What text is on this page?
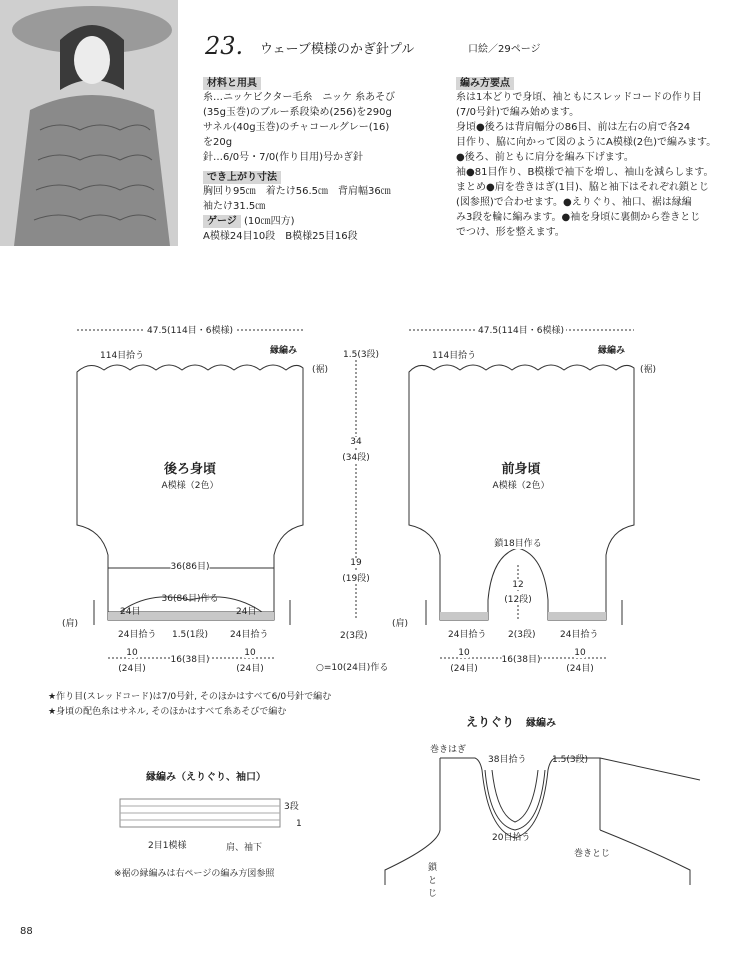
23. ウェーブ模様のかぎ針プル	口絵／29ページ
材料と用具
糸…ニッケビクター毛糸　ニッケ 糸あそび
(35g玉巻)のブルー系段染め(256)を290g
サネル(40g玉巻)のチャコールグレー(16)
を20g
針…6/0号・7/0(作り目用)号かぎ針
でき上がり寸法
胸回り95㎝　着たけ56.5㎝　背肩幅36㎝
袖たけ31.5㎝
ゲージ (10㎝四方)
A模様24目10段　B模様25目16段
編み方要点
糸は1本どりで身頃、袖ともにスレッドコードの作り目
(7/0号針)で編み始めます。
身頃●後ろは背肩幅分の86目、前は左右の肩で各24
目作り、脇に向かって図のようにA模様(2色)で編みます。
●後ろ、前ともに肩分を編み下げます。
袖●81目作り、B模様で袖下を増し、袖山を減らします。
まとめ●肩を巻きはぎ(1目)、脇と袖下はそれぞれ鎖とじ
(図参照)で合わせます。●えりぐり、袖口、裾は縁編
み3段を輪に編みます。●袖を身頃に裏側から巻きとじ
でつけ、形を整えます。
47.5(114目・6模様)	47.5(114目・6模様)
114目拾う	114目拾う
縁編み	縁編み
(裾)	(裾)
後ろ身頃
A模様（2色）
前身頃
A模様（2色）
1.5(3段)
34
(34段)
19
(19段)
2(3段)
36(86目)
36(86目)作る
24目	24目
24目拾う 1.5(1段) 24目拾う
(肩)	(肩)
鎖18目作る
12
(12段)
24目拾う 2(3段)	24目拾う
10
(24目)
16(38目)
10
(24目)
10
(24目)
16(38目)
10
(24目)
○=10(24目)作る
★作り目(スレッドコード)は7/0号針, そのほかはすべて6/0号針で編む
★身頃の配色糸はサネル, そのほかはすべて糸あそびで編む
縁編み（えりぐり、袖口）
3段
1
2目1模様	肩、袖下
※裾の縁編みは右ページの編み方図参照
えりぐり　 縁編み
巻きはぎ
38目拾う	1.5(3段)
20目拾う
巻きとじ
鎖とじ
88
